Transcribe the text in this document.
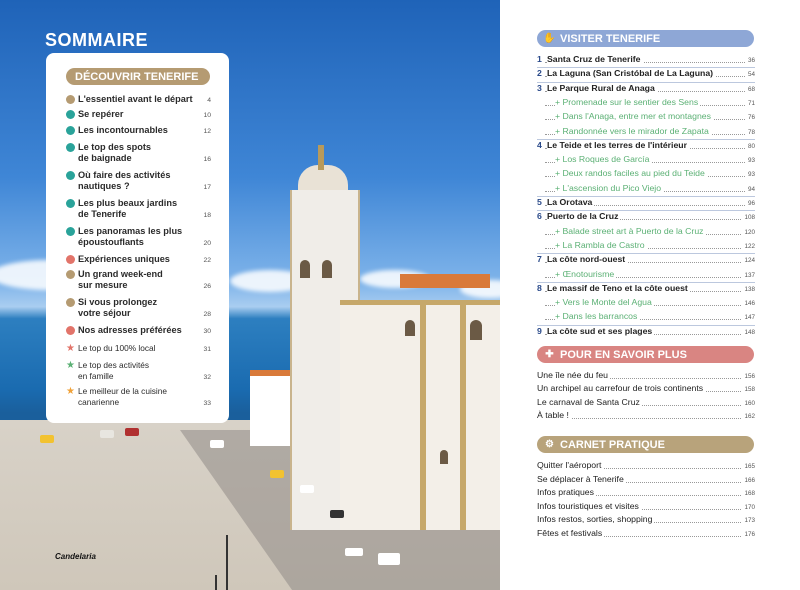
SOMMAIRE
DÉCOUVRIR TENERIFE
L'essentiel avant le départ	4
Se repérer	10
Les incontournables	12
Le top des spots
de baignade	16
Où faire des activités
nautiques ?	17
Les plus beaux jardins
de Tenerife	18
Les panoramas les plus
époustouflants	20
Expériences uniques	22
Un grand week-end
sur mesure	26
Si vous prolongez
votre séjour	28
Nos adresses préférées	30
★ Le top du 100% local	31
★ Le top des activités
en famille	32
★ Le meilleur de la cuisine
canarienne	33
Candelaria
✋ VISITER TENERIFE
1 Santa Cruz de Tenerife	36
2 La Laguna (San Cristóbal de La Laguna)	54
3 Le Parque Rural de Anaga	68
+ Promenade sur le sentier des Sens	71
+ Dans l'Anaga, entre mer et montagnes	76
+ Randonnée vers le mirador de Zapata	78
4 Le Teide et les terres de l'intérieur	80
+ Los Roques de García	93
+ Deux randos faciles au pied du Teide	93
+ L'ascension du Pico Viejo	94
5 La Orotava	96
6 Puerto de la Cruz	108
+ Balade street art à Puerto de la Cruz	120
+ La Rambla de Castro	122
7 La côte nord-ouest	124
+ Œnotourisme	137
8 Le massif de Teno et la côte ouest	138
+ Vers le Monte del Agua	146
+ Dans les barrancos	147
9 La côte sud et ses plages	148
✚ POUR EN SAVOIR PLUS
Une île née du feu	156
Un archipel au carrefour de trois continents	158
Le carnaval de Santa Cruz	160
À table !	162
⚙ CARNET PRATIQUE
Quitter l'aéroport	165
Se déplacer à Tenerife	166
Infos pratiques	168
Infos touristiques et visites	170
Infos restos, sorties, shopping	173
Fêtes et festivals	176
